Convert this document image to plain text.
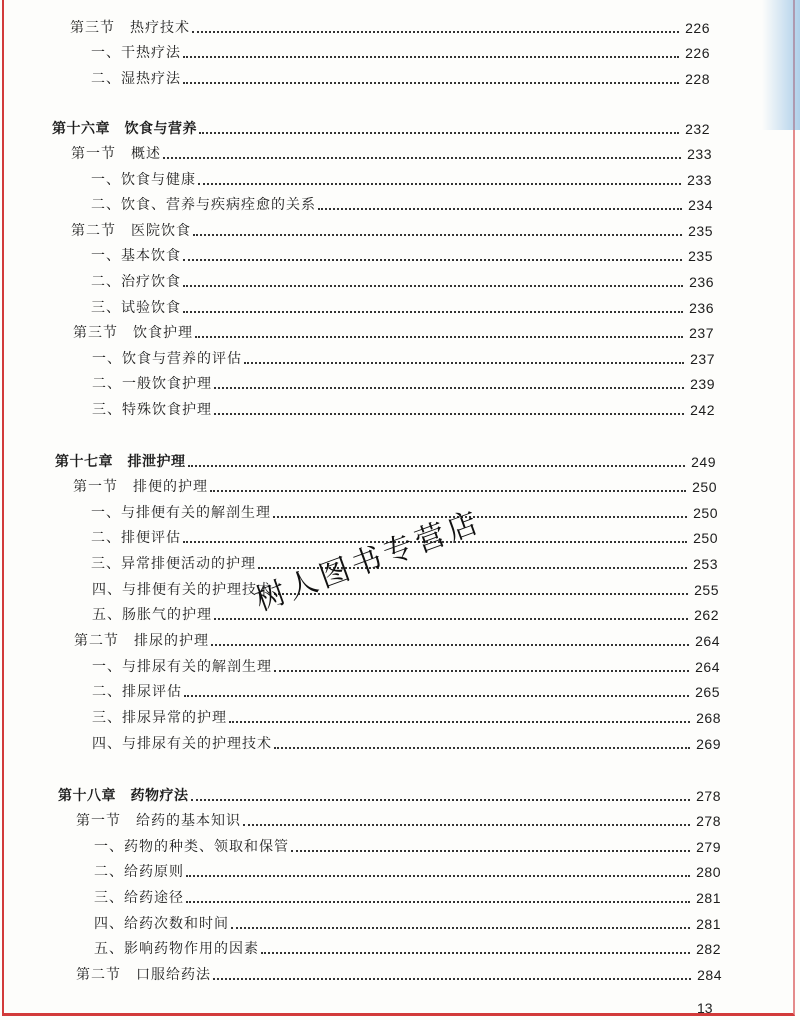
第三节　热疗技术	226
一、干热疗法	226
二、湿热疗法	228
第十六章　饮食与营养	232
第一节　概述	233
一、饮食与健康	233
二、饮食、营养与疾病痊愈的关系	234
第二节　医院饮食	235
一、基本饮食	235
二、治疗饮食	236
三、试验饮食	236
第三节　饮食护理	237
一、饮食与营养的评估	237
二、一般饮食护理	239
三、特殊饮食护理	242
第十七章　排泄护理	249
第一节　排便的护理	250
一、与排便有关的解剖生理	250
二、排便评估	250
三、异常排便活动的护理	253
四、与排便有关的护理技术	255
五、肠胀气的护理	262
第二节　排尿的护理	264
一、与排尿有关的解剖生理	264
二、排尿评估	265
三、排尿异常的护理	268
四、与排尿有关的护理技术	269
第十八章　药物疗法	278
第一节　给药的基本知识	278
一、药物的种类、领取和保管	279
二、给药原则	280
三、给药途径	281
四、给药次数和时间	281
五、影响药物作用的因素	282
第二节　口服给药法	284
树人图书专营店
13
